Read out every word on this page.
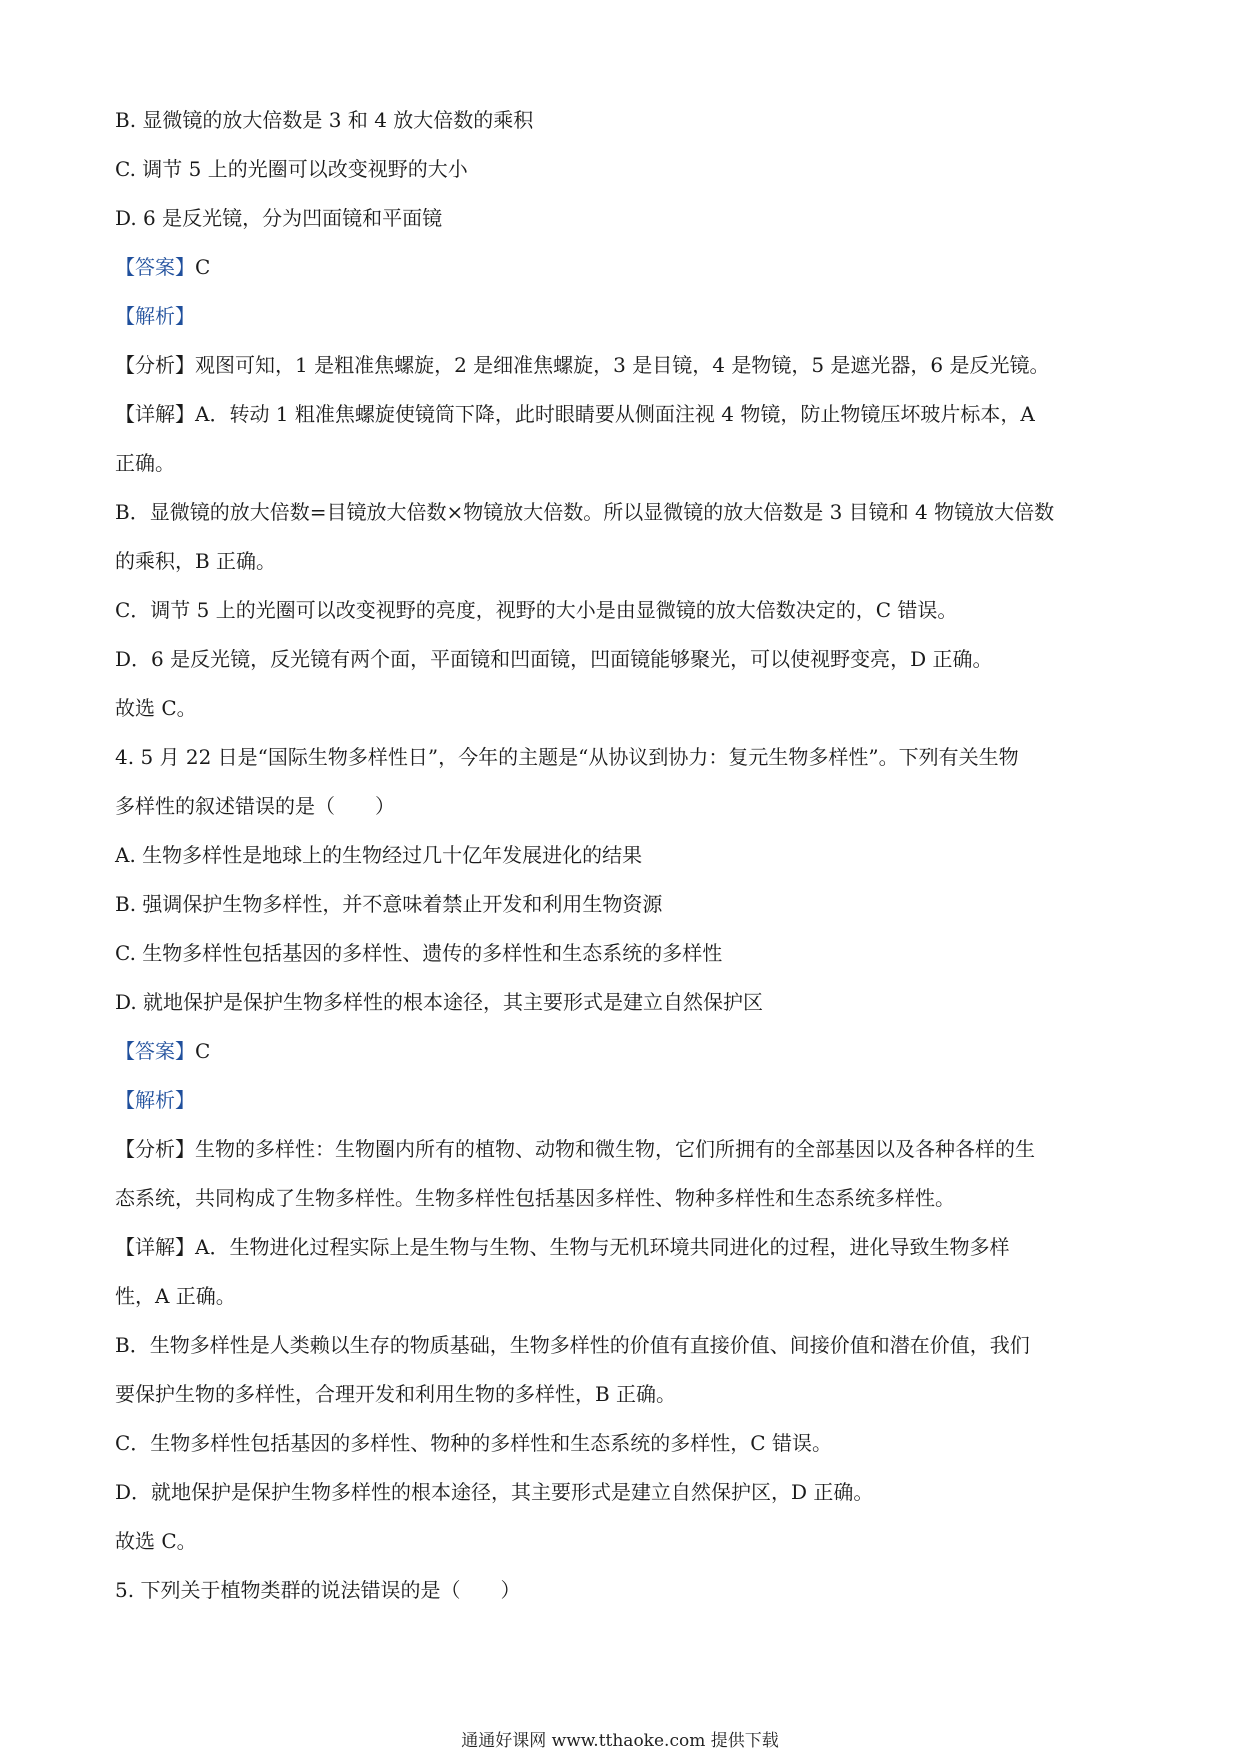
B. 显微镜的放大倍数是 3 和 4 放大倍数的乘积
C. 调节 5 上的光圈可以改变视野的大小
D. 6 是反光镜，分为凹面镜和平面镜
【答案】C
【解析】
【分析】观图可知，1 是粗准焦螺旋，2 是细准焦螺旋，3 是目镜，4 是物镜，5 是遮光器，6 是反光镜。
【详解】A．转动 1 粗准焦螺旋使镜筒下降，此时眼睛要从侧面注视 4 物镜，防止物镜压坏玻片标本，A
正确。
B．显微镜的放大倍数=目镜放大倍数×物镜放大倍数。所以显微镜的放大倍数是 3 目镜和 4 物镜放大倍数
的乘积，B 正确。
C．调节 5 上的光圈可以改变视野的亮度，视野的大小是由显微镜的放大倍数决定的，C 错误。
D．6 是反光镜，反光镜有两个面，平面镜和凹面镜，凹面镜能够聚光，可以使视野变亮，D 正确。
故选 C。
4. 5 月 22 日是“国际生物多样性日”，今年的主题是“从协议到协力：复元生物多样性”。下列有关生物
多样性的叙述错误的是（　　）
A. 生物多样性是地球上的生物经过几十亿年发展进化的结果
B. 强调保护生物多样性，并不意味着禁止开发和利用生物资源
C. 生物多样性包括基因的多样性、遗传的多样性和生态系统的多样性
D. 就地保护是保护生物多样性的根本途径，其主要形式是建立自然保护区
【答案】C
【解析】
【分析】生物的多样性：生物圈内所有的植物、动物和微生物，它们所拥有的全部基因以及各种各样的生
态系统，共同构成了生物多样性。生物多样性包括基因多样性、物种多样性和生态系统多样性。
【详解】A．生物进化过程实际上是生物与生物、生物与无机环境共同进化的过程，进化导致生物多样
性，A 正确。
B．生物多样性是人类赖以生存的物质基础，生物多样性的价值有直接价值、间接价值和潜在价值，我们
要保护生物的多样性，合理开发和利用生物的多样性，B 正确。
C．生物多样性包括基因的多样性、物种的多样性和生态系统的多样性，C 错误。
D．就地保护是保护生物多样性的根本途径，其主要形式是建立自然保护区，D 正确。
故选 C。
5. 下列关于植物类群的说法错误的是（　　）
通通好课网 www.tthaoke.com 提供下载
